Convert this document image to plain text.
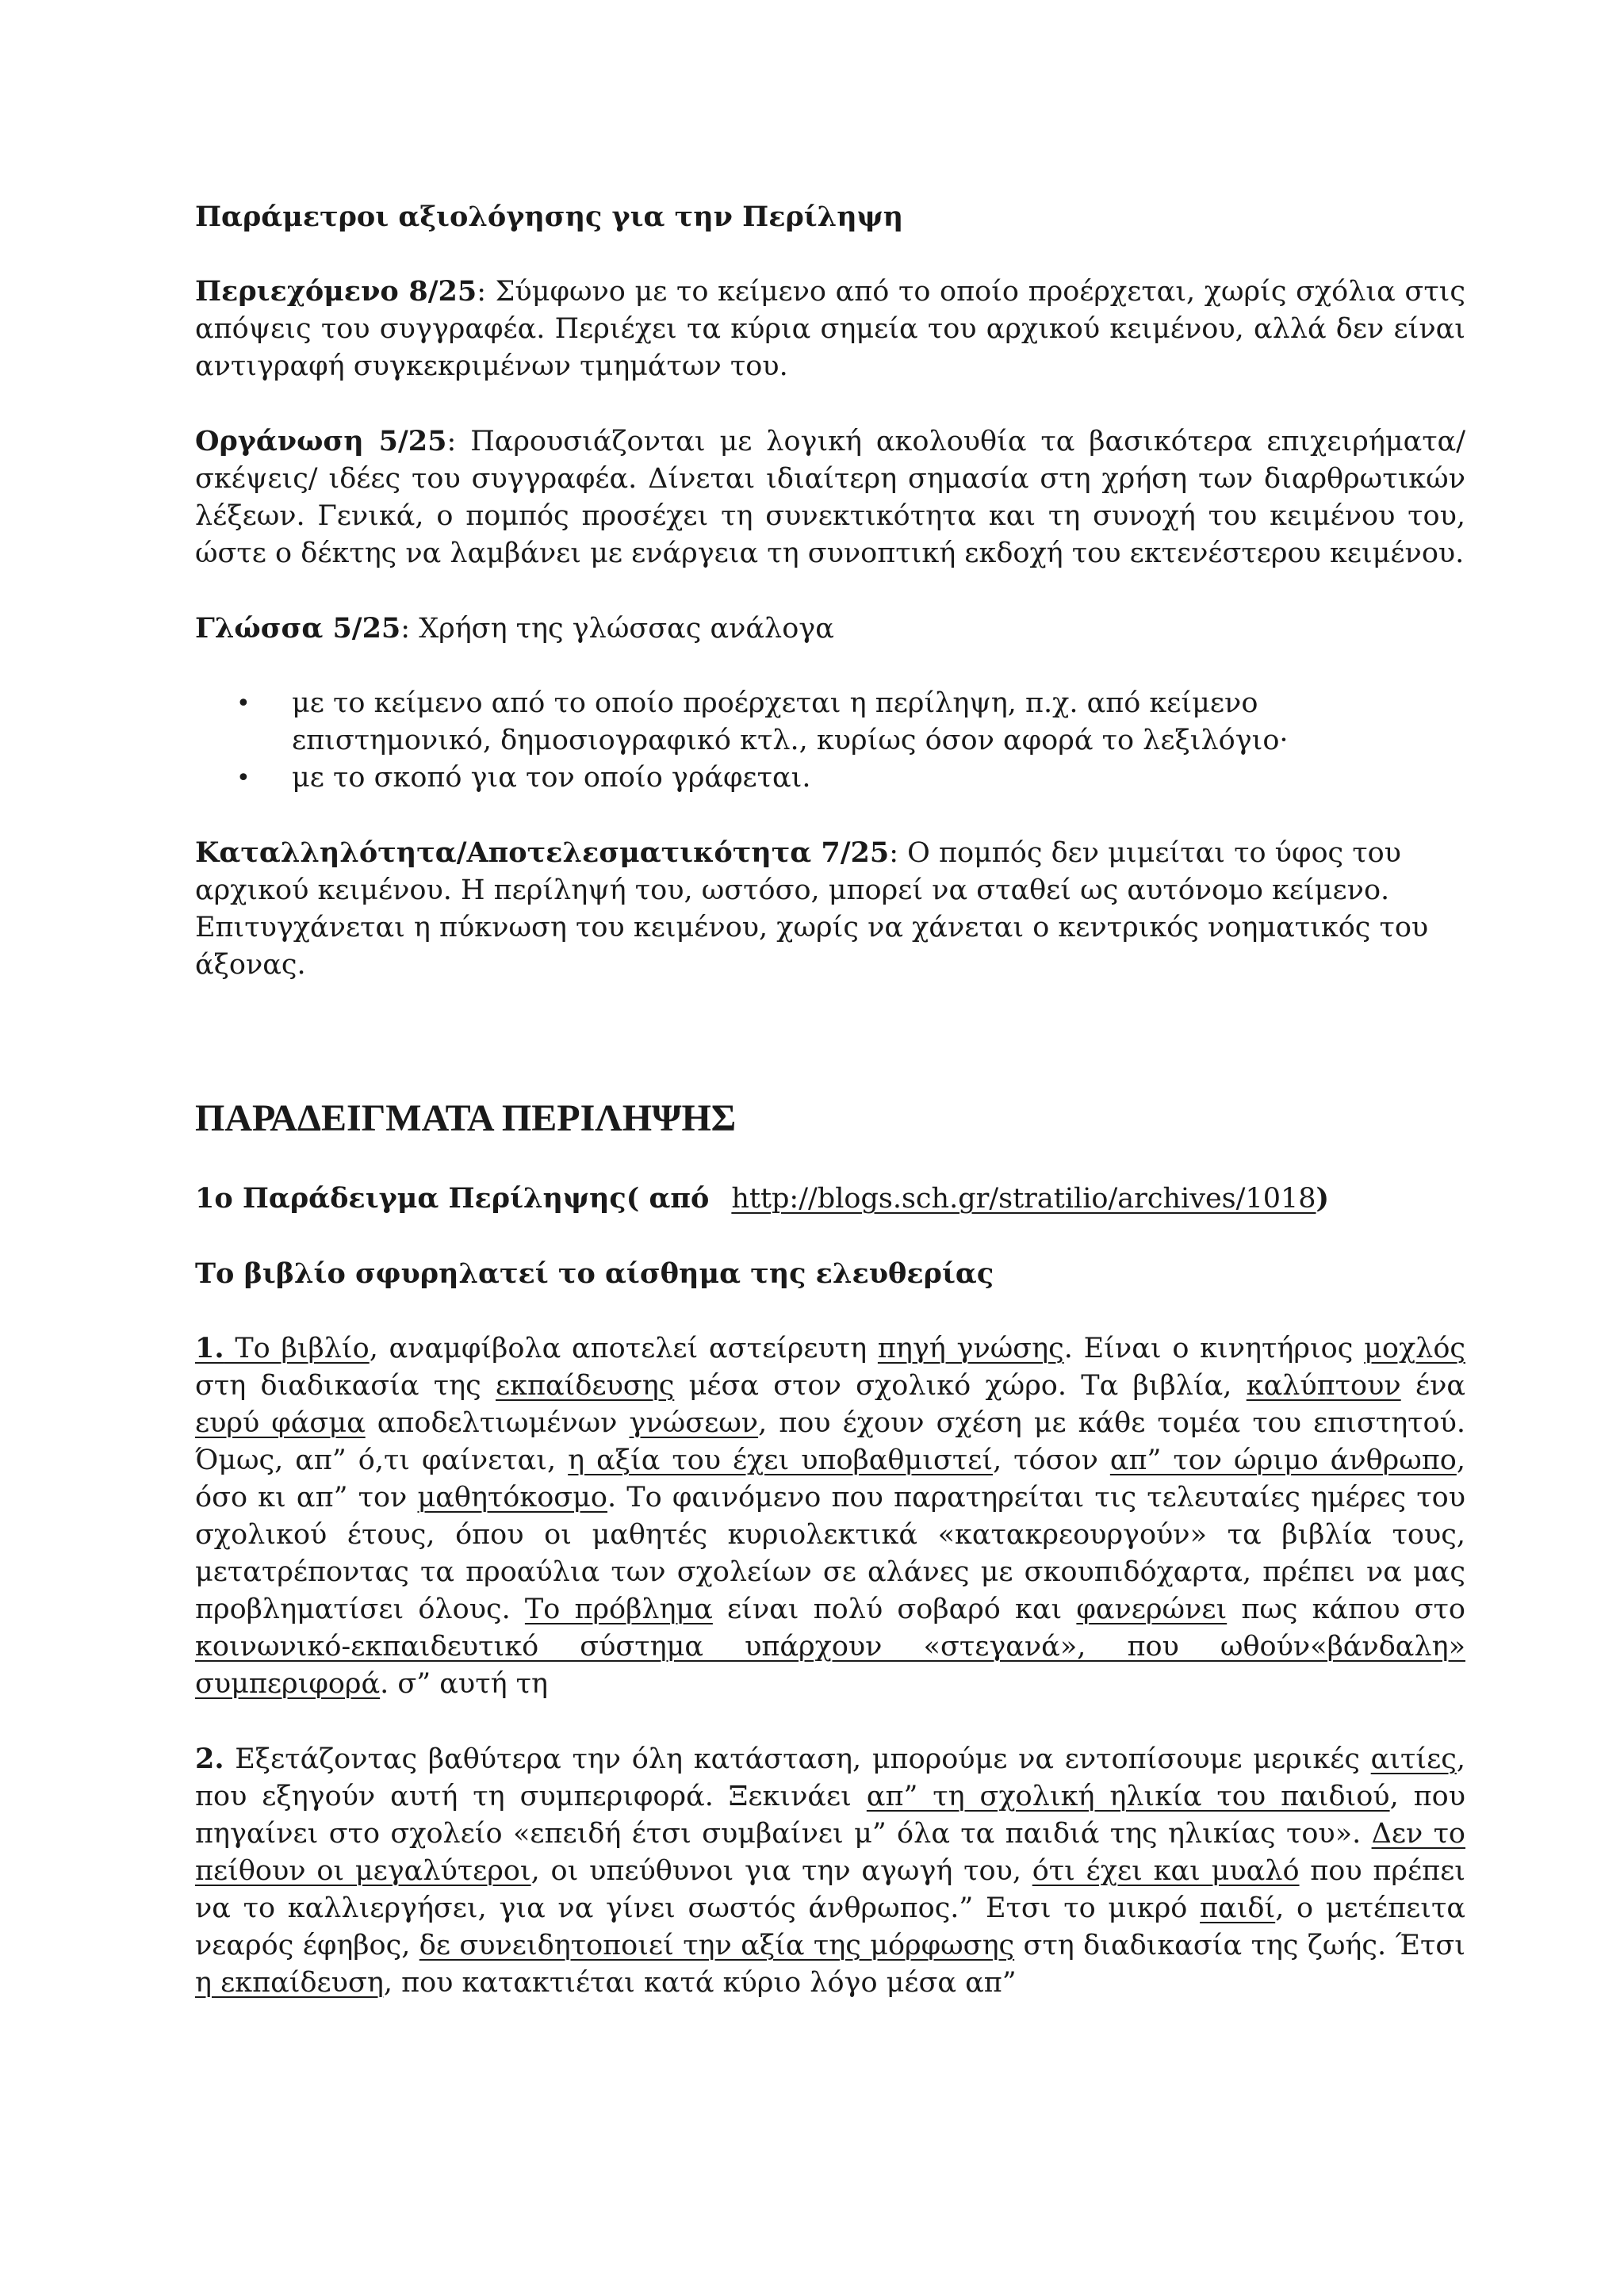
Παράμετροι αξιολόγησης για την Περίληψη

Περιεχόμενο 8/25: Σύμφωνο με το κείμενο από το οποίο προέρχεται, χωρίς σχόλια στις απόψεις του συγγραφέα. Περιέχει τα κύρια σημεία του αρχικού κειμένου, αλλά δεν είναι αντιγραφή συγκεκριμένων τμημάτων του.

Οργάνωση 5/25: Παρουσιάζονται με λογική ακολουθία τα βασικότερα επιχειρήματα/ σκέψεις/ ιδέες του συγγραφέα. Δίνεται ιδιαίτερη σημασία στη χρήση των διαρθρωτικών λέξεων. Γενικά, ο πομπός προσέχει τη συνεκτικότητα και τη συνοχή του κειμένου του, ώστε ο δέκτης να λαμβάνει με ενάργεια τη συνοπτική εκδοχή του εκτενέστερου κειμένου.

Γλώσσα 5/25: Χρήση της γλώσσας ανάλογα

• με το κείμενο από το οποίο προέρχεται η περίληψη, π.χ. από κείμενο επιστημονικό, δημοσιογραφικό κτλ., κυρίως όσον αφορά το λεξιλόγιο·
• με το σκοπό για τον οποίο γράφεται.

Καταλληλότητα/Αποτελεσματικότητα 7/25: Ο πομπός δεν μιμείται το ύφος του αρχικού κειμένου. Η περίληψή του, ωστόσο, μπορεί να σταθεί ως αυτόνομο κείμενο. Επιτυγχάνεται η πύκνωση του κειμένου, χωρίς να χάνεται ο κεντρικός νοηματικός του άξονας.

ΠΑΡΑΔΕΙΓΜΑΤΑ ΠΕΡΙΛΗΨΗΣ

1ο Παράδειγμα Περίληψης( από http://blogs.sch.gr/stratilio/archives/1018)

Το βιβλίο σφυρηλατεί το αίσθημα της ελευθερίας

1. Το βιβλίο, αναμφίβολα αποτελεί αστείρευτη πηγή γνώσης. Είναι ο κινητήριος μοχλός στη διαδικασία της εκπαίδευσης μέσα στον σχολικό χώρο. Τα βιβλία, καλύπτουν ένα ευρύ φάσμα αποδελτιωμένων γνώσεων, που έχουν σχέση με κάθε τομέα του επιστητού. Όμως, απ” ό,τι φαίνεται, η αξία του έχει υποβαθμιστεί, τόσον απ” τον ώριμο άνθρωπο, όσο κι απ” τον μαθητόκοσμο. Το φαινόμενο που παρατηρείται τις τελευταίες ημέρες του σχολικού έτους, όπου οι μαθητές κυριολεκτικά «κατακρεουργούν» τα βιβλία τους, μετατρέποντας τα προαύλια των σχολείων σε αλάνες με σκουπιδόχαρτα, πρέπει να μας προβληματίσει όλους. Το πρόβλημα είναι πολύ σοβαρό και φανερώνει πως κάπου στο κοινωνικό-εκπαιδευτικό σύστημα υπάρχουν «στεγανά», που ωθούν«βάνδαλη» συμπεριφορά. σ” αυτή τη

2. Εξετάζοντας βαθύτερα την όλη κατάσταση, μπορούμε να εντοπίσουμε μερικές αιτίες, που εξηγούν αυτή τη συμπεριφορά. Ξεκινάει απ” τη σχολική ηλικία του παιδιού, που πηγαίνει στο σχολείο «επειδή έτσι συμβαίνει μ” όλα τα παιδιά της ηλικίας του». Δεν το πείθουν οι μεγαλύτεροι, οι υπεύθυνοι για την αγωγή του, ότι έχει και μυαλό που πρέπει να το καλλιεργήσει, για να γίνει σωστός άνθρωπος.” Ετσι το μικρό παιδί, ο μετέπειτα νεαρός έφηβος, δε συνειδητοποιεί την αξία της μόρφωσης στη διαδικασία της ζωής. Έτσι η εκπαίδευση, που κατακτιέται κατά κύριο λόγο μέσα απ”
